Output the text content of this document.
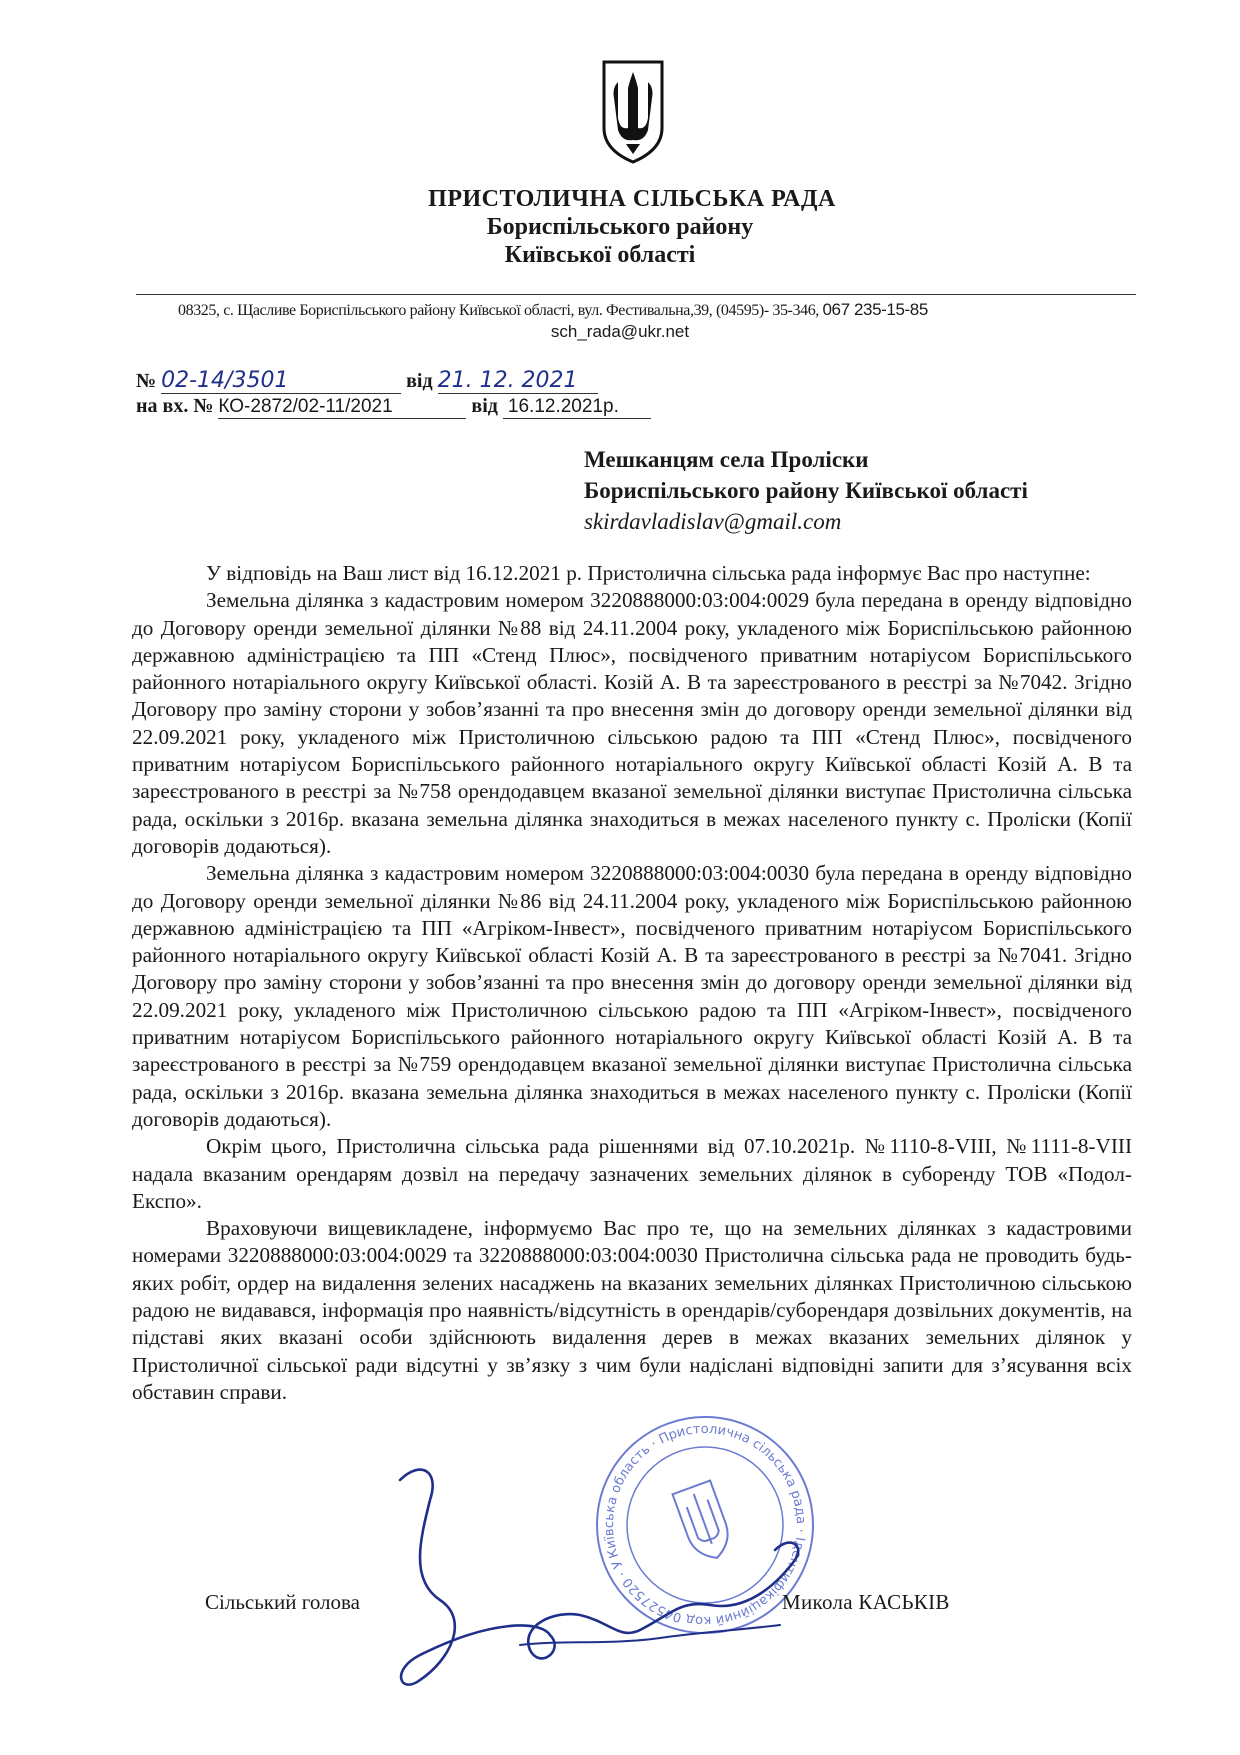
ПРИСТОЛИЧНА СІЛЬСЬКА РАДА
Бориспільського району
Київської області
08325, с. Щасливе Бориспільського району Київської області, вул. Фестивальна,39, (04595)- 35-346, 067 235-15-85
sch_rada@ukr.net
№ 02-14/3501	від 21. 12. 2021
на вх. № КО-2872/02-11/2021	від 16.12.2021р.
Мешканцям села Пролiски
Бориспільського району Київської області
skirdavladislav@gmail.com

У відповідь на Ваш лист від 16.12.2021 р. Пристолична сільська рада інформує Вас про наступне:

Земельна ділянка з кадастровим номером 3220888000:03:004:0029 була передана в оренду відповідно до Договору оренди земельної ділянки №88 від 24.11.2004 року, укладеного між Бориспільською районною державною адміністрацією та ПП «Стенд Плюс», посвідченого приватним нотаріусом Бориспільського районного нотаріального округу Київської області. Козій А. В та зареєстрованого в реєстрі за №7042. Згідно Договору про заміну сторони у зобов’язанні та про внесення змін до договору оренди земельної ділянки від 22.09.2021 року, укладеного між Пристоличною сільською радою та ПП «Стенд Плюс», посвідченого приватним нотаріусом Бориспільського районного нотаріального округу Київської області Козій А. В та зареєстрованого в реєстрі за №758 орендодавцем вказаної земельної ділянки виступає Пристолична сільська рада, оскільки з 2016р. вказана земельна ділянка знаходиться в межах населеного пункту с. Пролiски (Копії договорів додаються).

Земельна ділянка з кадастровим номером 3220888000:03:004:0030 була передана в оренду відповідно до Договору оренди земельної ділянки №86 від 24.11.2004 року, укладеного між Бориспільською районною державною адміністрацією та ПП «Агріком-Інвест», посвідченого приватним нотаріусом Бориспільського районного нотаріального округу Київської області Козій А. В та зареєстрованого в реєстрі за №7041. Згідно Договору про заміну сторони у зобов’язанні та про внесення змін до договору оренди земельної ділянки від 22.09.2021 року, укладеного між Пристоличною сільською радою та ПП «Агріком-Інвест», посвідченого приватним нотаріусом Бориспільського районного нотаріального округу Київської області Козій А. В та зареєстрованого в реєстрі за №759 орендодавцем вказаної земельної ділянки виступає Пристолична сільська рада, оскільки з 2016р. вказана земельна ділянка знаходиться в межах населеного пункту с. Пролiски (Копії договорів додаються).

Окрім цього, Пристолична сільська рада рішеннями від 07.10.2021р. №1110-8-VIII, №1111-8-VIII надала вказаним орендарям дозвіл на передачу зазначених земельних ділянок в суборенду ТОВ «Подол-Експо».

Враховуючи вищевикладене, інформуємо Вас про те, що на земельних ділянках з кадастровими номерами 3220888000:03:004:0029 та 3220888000:03:004:0030 Пристолична сільська рада не проводить будь-яких робіт, ордер на видалення зелених насаджень на вказаних земельних ділянках Пристоличною сільською радою не видавався, інформація про наявність/відсутність в орендарів/суборендаря дозвільних документів, на підставі яких вказані особи здійснюють видалення дерев в межах вказаних земельних ділянок у Пристоличної сільської ради відсутні у зв’язку з чим були надіслані відповідні запити для з’ясування всіх обставин справи.

Київська область · Пристолична сільська рада · Ідентифікаційний код 04527520 · Україна
Сільський голова	Микола КАСЬКІВ
